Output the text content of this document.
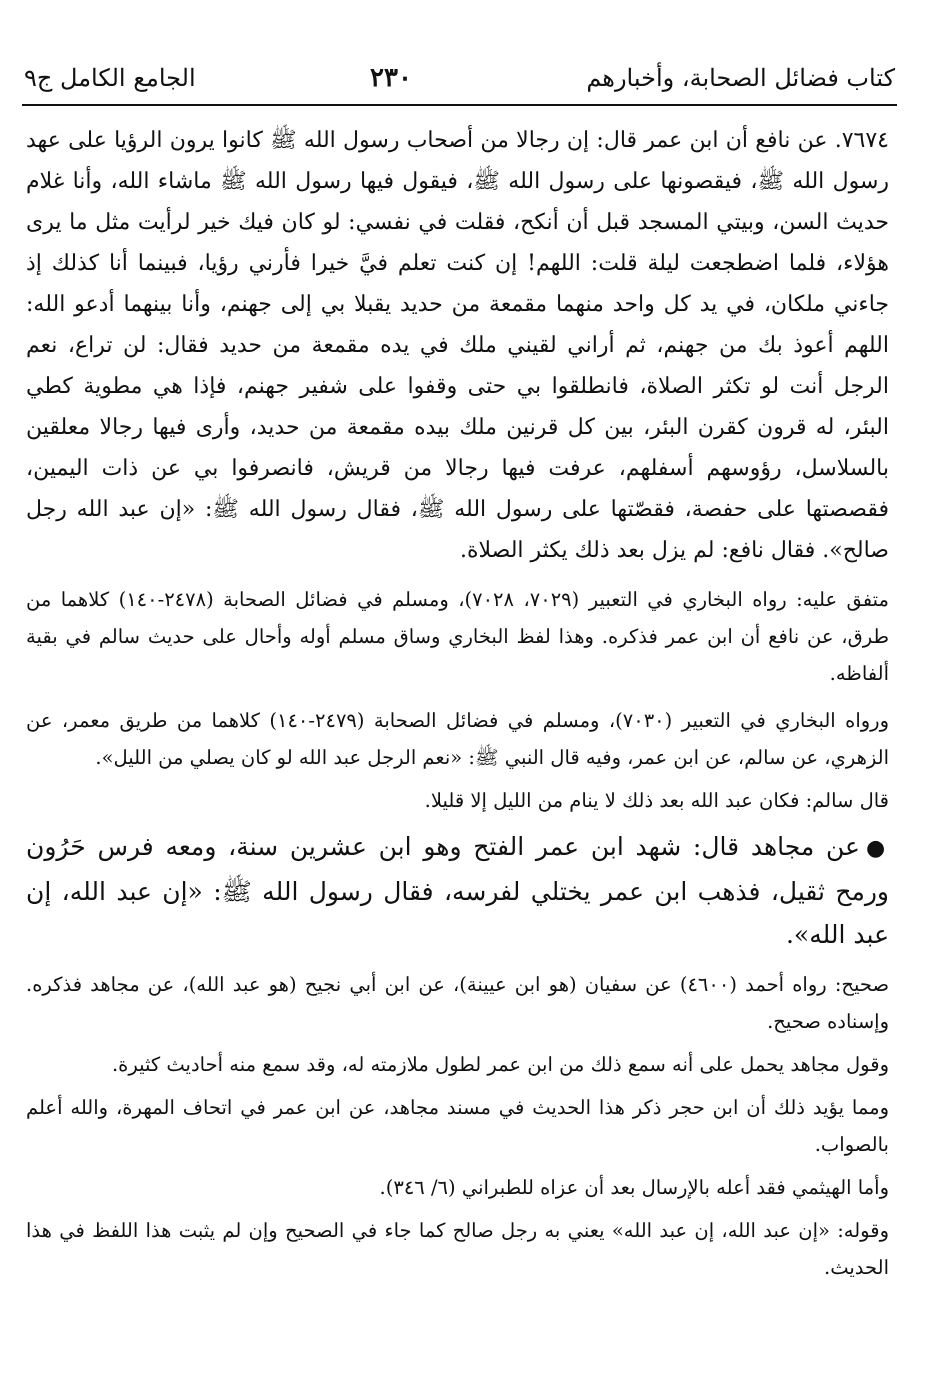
كتاب فضائل الصحابة، وأخبارهم
٢٣٠
الجامع الكامل ج٩

٧٦٧٤. عن نافع أن ابن عمر قال: إن رجالا من أصحاب رسول الله ﷺ كانوا يرون الرؤيا على عهد رسول الله ﷺ، فيقصونها على رسول الله ﷺ، فيقول فيها رسول الله ﷺ ماشاء الله، وأنا غلام حديث السن، وبيتي المسجد قبل أن أنكح، فقلت في نفسي: لو كان فيك خير لرأيت مثل ما يرى هؤلاء، فلما اضطجعت ليلة قلت: اللهم! إن كنت تعلم فيَّ خيرا فأرني رؤيا، فبينما أنا كذلك إذ جاءني ملكان، في يد كل واحد منهما مقمعة من حديد يقبلا بي إلى جهنم، وأنا بينهما أدعو الله: اللهم أعوذ بك من جهنم، ثم أراني لقيني ملك في يده مقمعة من حديد فقال: لن تراع، نعم الرجل أنت لو تكثر الصلاة، فانطلقوا بي حتى وقفوا على شفير جهنم، فإذا هي مطوية كطي البئر، له قرون كقرن البئر، بين كل قرنين ملك بيده مقمعة من حديد، وأرى فيها رجالا معلقين بالسلاسل، رؤوسهم أسفلهم، عرفت فيها رجالا من قريش، فانصرفوا بي عن ذات اليمين، فقصصتها على حفصة، فقصّتها على رسول الله ﷺ، فقال رسول الله ﷺ: «إن عبد الله رجل صالح». فقال نافع: لم يزل بعد ذلك يكثر الصلاة.

متفق عليه: رواه البخاري في التعبير (٧٠٢٩، ٧٠٢٨)، ومسلم في فضائل الصحابة (٢٤٧٨-١٤٠) كلاهما من طرق، عن نافع أن ابن عمر فذكره. وهذا لفظ البخاري وساق مسلم أوله وأحال على حديث سالم في بقية ألفاظه.

ورواه البخاري في التعبير (٧٠٣٠)، ومسلم في فضائل الصحابة (٢٤٧٩-١٤٠) كلاهما من طريق معمر، عن الزهري، عن سالم، عن ابن عمر، وفيه قال النبي ﷺ: «نعم الرجل عبد الله لو كان يصلي من الليل».

قال سالم: فكان عبد الله بعد ذلك لا ينام من الليل إلا قليلا.

●عن مجاهد قال: شهد ابن عمر الفتح وهو ابن عشرين سنة، ومعه فرس حَرُون ورمح ثقيل، فذهب ابن عمر يختلي لفرسه، فقال رسول الله ﷺ: «إن عبد الله، إن عبد الله».

صحيح: رواه أحمد (٤٦٠٠) عن سفيان (هو ابن عيينة)، عن ابن أبي نجيح (هو عبد الله)، عن مجاهد فذكره. وإسناده صحيح.

وقول مجاهد يحمل على أنه سمع ذلك من ابن عمر لطول ملازمته له، وقد سمع منه أحاديث كثيرة.

ومما يؤيد ذلك أن ابن حجر ذكر هذا الحديث في مسند مجاهد، عن ابن عمر في اتحاف المهرة، والله أعلم بالصواب.

وأما الهيثمي فقد أعله بالإرسال بعد أن عزاه للطبراني (٦/ ٣٤٦).

وقوله: «إن عبد الله، إن عبد الله» يعني به رجل صالح كما جاء في الصحيح وإن لم يثبت هذا اللفظ في هذا الحديث.
